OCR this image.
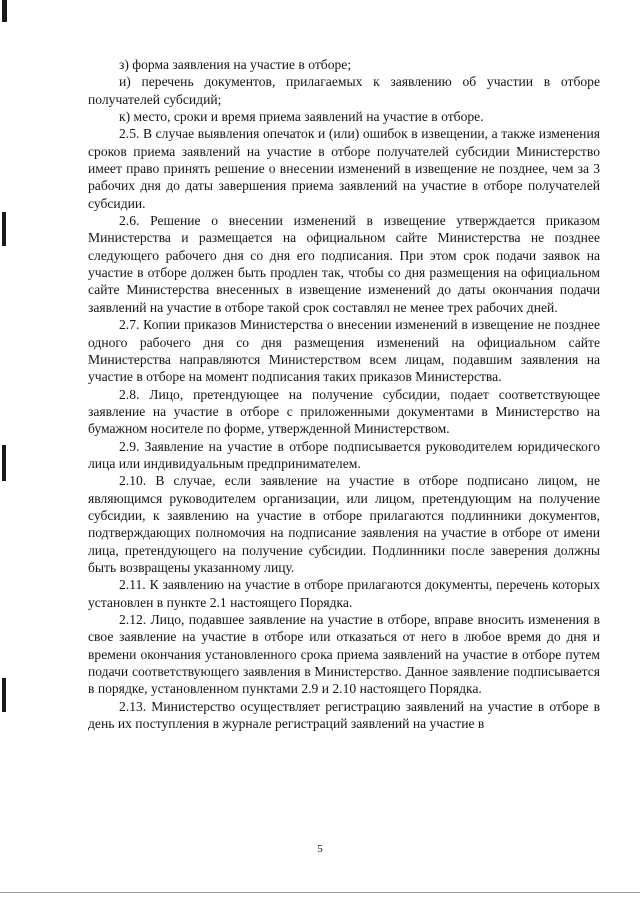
з) форма заявления на участие в отборе;

и) перечень документов, прилагаемых к заявлению об участии в отборе получателей субсидий;

к) место, сроки и время приема заявлений на участие в отборе.

2.5. В случае выявления опечаток и (или) ошибок в извещении, а также изменения сроков приема заявлений на участие в отборе получателей субсидии Министерство имеет право принять решение о внесении изменений в извещение не позднее, чем за 3 рабочих дня до даты завершения приема заявлений на участие в отборе получателей субсидии.

2.6. Решение о внесении изменений в извещение утверждается приказом Министерства и размещается на официальном сайте Министерства не позднее следующего рабочего дня со дня его подписания. При этом срок подачи заявок на участие в отборе должен быть продлен так, чтобы со дня размещения на официальном сайте Министерства внесенных в извещение изменений до даты окончания подачи заявлений на участие в отборе такой срок составлял не менее трех рабочих дней.

2.7. Копии приказов Министерства о внесении изменений в извещение не позднее одного рабочего дня со дня размещения изменений на официальном сайте Министерства направляются Министерством всем лицам, подавшим заявления на участие в отборе на момент подписания таких приказов Министерства.

2.8. Лицо, претендующее на получение субсидии, подает соответствующее заявление на участие в отборе с приложенными документами в Министерство на бумажном носителе по форме, утвержденной Министерством.

2.9. Заявление на участие в отборе подписывается руководителем юридического лица или индивидуальным предпринимателем.

2.10. В случае, если заявление на участие в отборе подписано лицом, не являющимся руководителем организации, или лицом, претендующим на получение субсидии, к заявлению на участие в отборе прилагаются подлинники документов, подтверждающих полномочия на подписание заявления на участие в отборе от имени лица, претендующего на получение субсидии. Подлинники после заверения должны быть возвращены указанному лицу.

2.11. К заявлению на участие в отборе прилагаются документы, перечень которых установлен в пункте 2.1 настоящего Порядка.

2.12. Лицо, подавшее заявление на участие в отборе, вправе вносить изменения в свое заявление на участие в отборе или отказаться от него в любое время до дня и времени окончания установленного срока приема заявлений на участие в отборе путем подачи соответствующего заявления в Министерство. Данное заявление подписывается в порядке, установленном пунктами 2.9 и 2.10 настоящего Порядка.

2.13. Министерство осуществляет регистрацию заявлений на участие в отборе в день их поступления в журнале регистраций заявлений на участие в

5
